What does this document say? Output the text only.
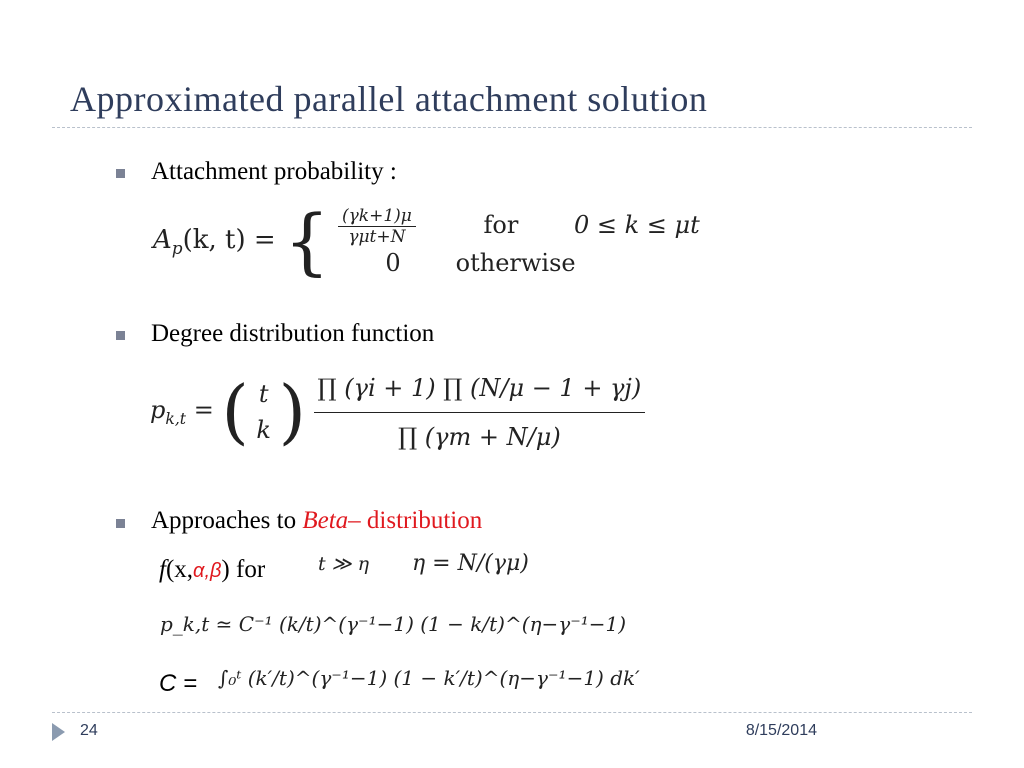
Approximated parallel attachment solution
Attachment probability :
$A_p(k$, t) = { $\frac{(\gamma k+1)\mu}{\text{γμt+N}}$	for 0 ≤ k ≤ μt
0 otherwise
Degree distribution function
$p_{k,t}$ = ( t
k ) $\frac{\prod (\gamma i + 1) \prod (N/\mu - 1 + \gamma j)}{\prod (\gamma m + N/\mu)}$
Approaches to Beta– distribution
f(x,α,β) for	t ≫ η η = N/(γμ)
p_k,t ≃ C⁻¹ (k/t)^(γ⁻¹−1) (1 − k/t)^(η−γ⁻¹−1)
C = ∫₀ᵗ (k′/t)^(γ⁻¹−1) (1 − k′/t)^(η−γ⁻¹−1) dk′
24	8/15/2014
